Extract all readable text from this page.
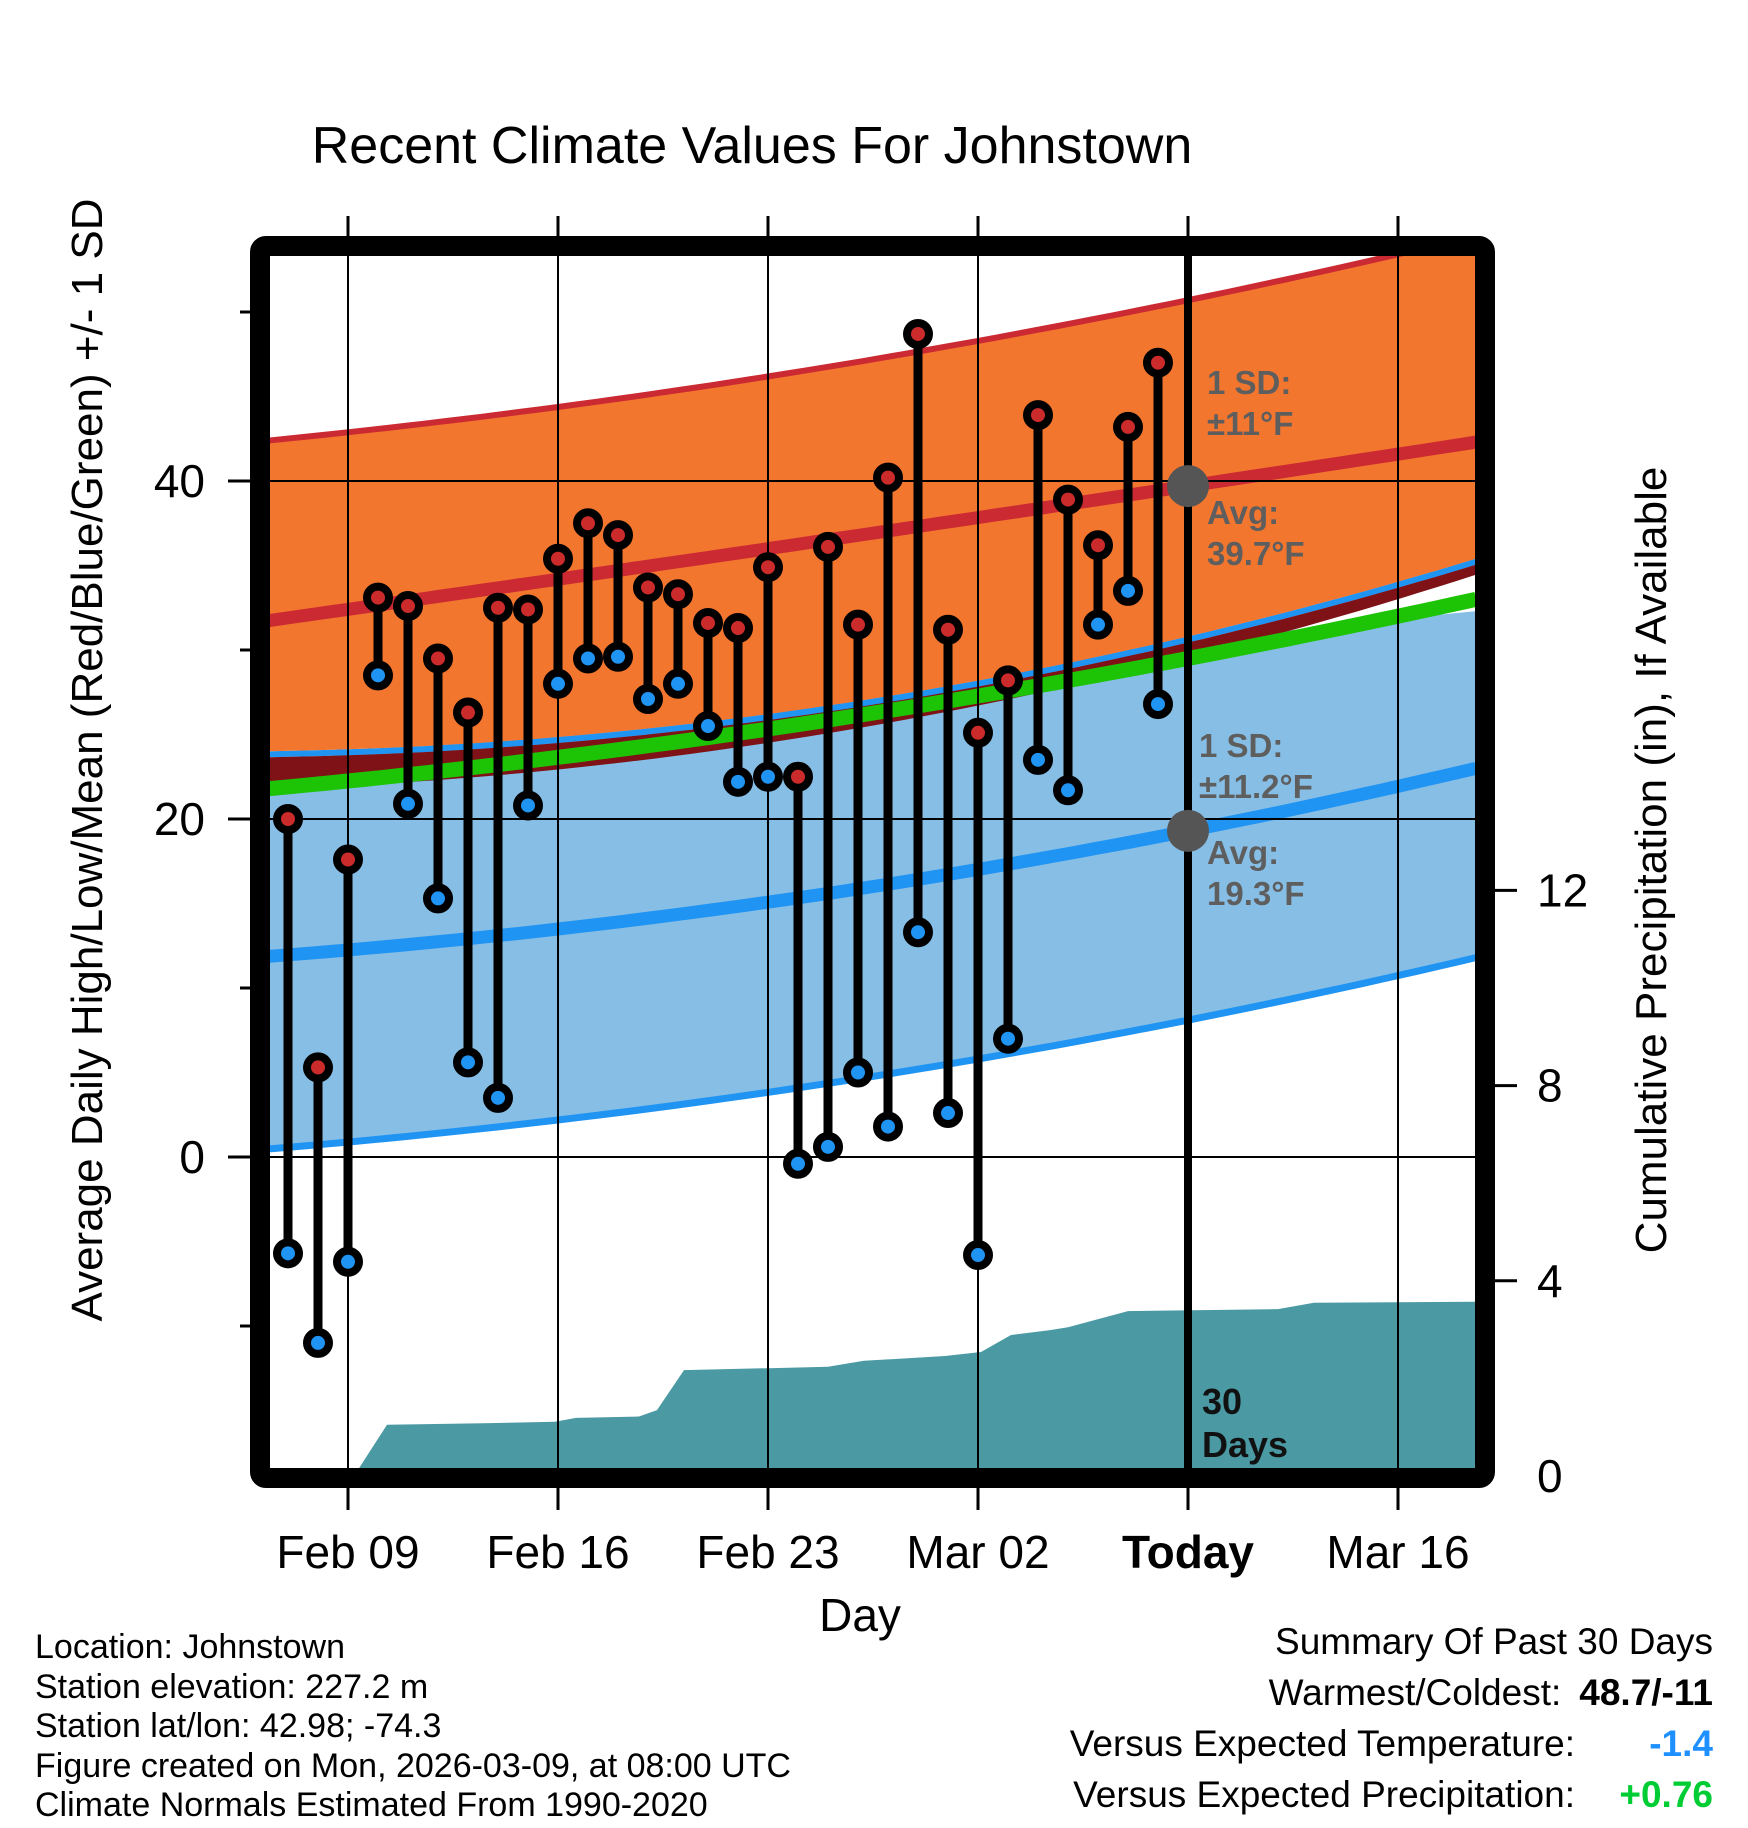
40
20
0
12
8
4
0
Feb 09 Feb 16 Feb 23 Mar 02 Today Mar 16
Recent Climate Values For Johnstown
Average Daily High/Low/Mean (Red/Blue/Green) +/- 1 SD	Cumulative Precipitation (in), If Available
Day
1 SD:
±11°F
Avg:
39.7°F
1 SD:
±11.2°F
Avg:
19.3°F
30
Days
Location: Johnstown
Station elevation: 227.2 m
Station lat/lon: 42.98; -74.3
Figure created on Mon, 2026-03-09, at 08:00 UTC
Climate Normals Estimated From 1990-2020
Summary Of Past 30 Days
Warmest/Coldest: 48.7/-11
Versus Expected Temperature: -1.4
Versus Expected Precipitation: +0.76
